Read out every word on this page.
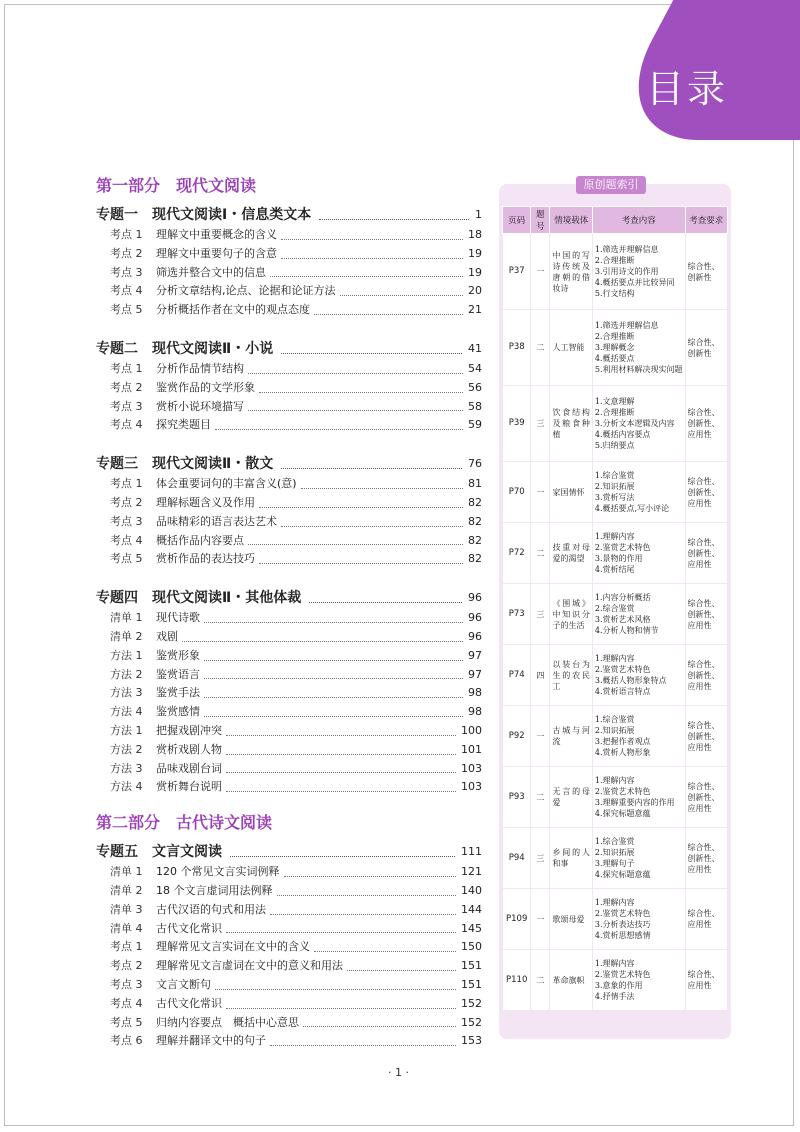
目录
第一部分　现代文阅读
专题一　现代文阅读Ⅰ・信息类文本	1
考点 1	理解文中重要概念的含义	18
考点 2	理解文中重要句子的含意	19
考点 3	筛选并整合文中的信息	19
考点 4	分析文章结构,论点、论据和论证方法	20
考点 5	分析概括作者在文中的观点态度	21
专题二　现代文阅读Ⅱ・小说	41
考点 1	分析作品情节结构	54
考点 2	鉴赏作品的文学形象	56
考点 3	赏析小说环境描写	58
考点 4	探究类题目	59
专题三　现代文阅读Ⅱ・散文	76
考点 1	体会重要词句的丰富含义(意)	81
考点 2	理解标题含义及作用	82
考点 3	品味精彩的语言表达艺术	82
考点 4	概括作品内容要点	82
考点 5	赏析作品的表达技巧	82
专题四　现代文阅读Ⅱ・其他体裁	96
清单 1	现代诗歌	96
清单 2	戏剧	96
方法 1	鉴赏形象	97
方法 2	鉴赏语言	97
方法 3	鉴赏手法	98
方法 4	鉴赏感情	98
方法 1	把握戏剧冲突	100
方法 2	赏析戏剧人物	101
方法 3	品味戏剧台词	103
方法 4	赏析舞台说明	103
第二部分　古代诗文阅读
专题五　文言文阅读	111
清单 1	120 个常见文言实词例释	121
清单 2	18 个文言虚词用法例释	140
清单 3	古代汉语的句式和用法	144
清单 4	古代文化常识	145
考点 1	理解常见文言实词在文中的含义	150
考点 2	理解常见文言虚词在文中的意义和用法	151
考点 3	文言文断句	151
考点 4	古代文化常识	152
考点 5	归纳内容要点　概括中心意思	152
考点 6	理解并翻译文中的句子	153
原创题索引
页码	题号	情境载体	考查内容	考查要求
P37	一	中国的写诗传统及唐朝的借妆诗	1.筛选并理解信息
2.合理推断
3.引用诗文的作用
4.概括要点并比较异同
5.行文结构	综合性、创新性
P38	二	人工智能	1.筛选并理解信息
2.合理推断
3.理解概念
4.概括要点
5.利用材料解决现实问题	综合性、创新性
P39	三	饮食结构及粮食种植	1.文意理解
2.合理推断
3.分析文本逻辑及内容
4.概括内容要点
5.归纳要点	综合性、创新性、应用性
P70	一	家国情怀	1.综合鉴赏
2.知识拓展
3.赏析写法
4.概括要点,写小评论	综合性、创新性、应用性
P72	二	技重对母爱的渴望	1.理解内容
2.鉴赏艺术特色
3.景物的作用
4.赏析结尾	综合性、创新性、应用性
P73	三	《围城》中知识分子的生活	1.内容分析概括
2.综合鉴赏
3.赏析艺术风格
4.分析人物和情节	综合性、创新性、应用性
P74	四	以装台为生的农民工	1.理解内容
2.鉴赏艺术特色
3.概括人物形象特点
4.赏析语言特点	综合性、创新性、应用性
P92	一	古城与河流	1.综合鉴赏
2.知识拓展
3.把握作者观点
4.赏析人物形象	综合性、创新性、应用性
P93	二	无言的母爱	1.理解内容
2.鉴赏艺术特色
3.理解重要内容的作用
4.探究标题意蕴	综合性、创新性、应用性
P94	三	乡间的人和事	1.综合鉴赏
2.知识拓展
3.理解句子
4.探究标题意蕴	综合性、创新性、应用性
P109	一	歌颂母爱	1.理解内容
2.鉴赏艺术特色
3.分析表达技巧
4.赏析思想感情	综合性、应用性
P110	二	革命旗帜	1.理解内容
2.鉴赏艺术特色
3.意象的作用
4.抒情手法	综合性、应用性
· 1 ·
